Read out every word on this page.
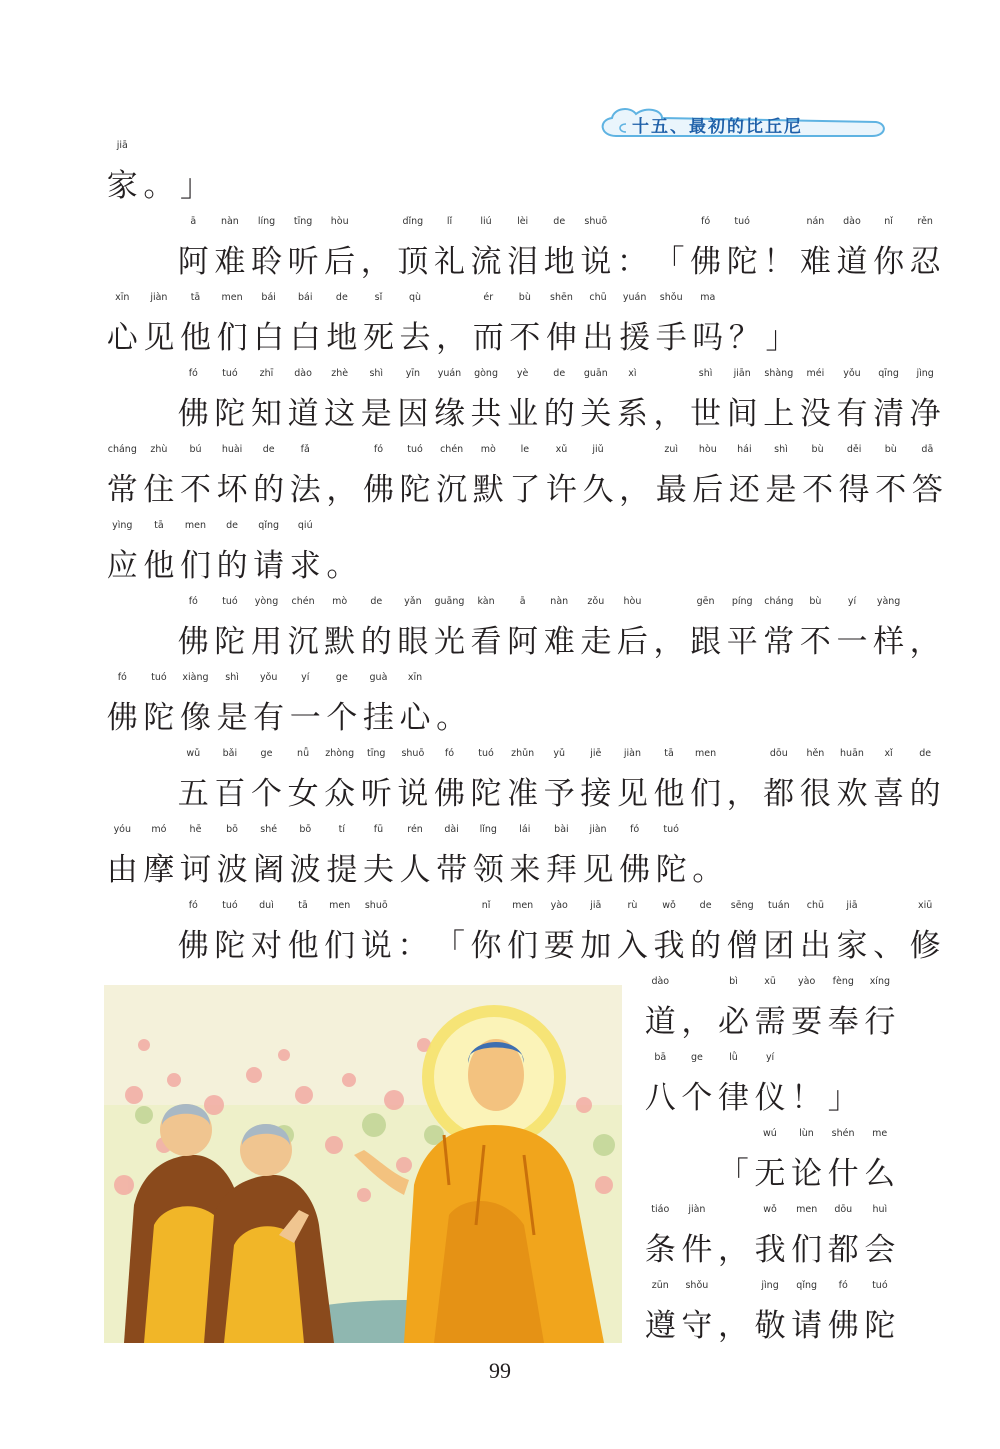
十五、最初的比丘尼
jiā
家 。 」
ā
阿
nàn
难
líng
聆
tīng
听
hòu
后 ，
dǐng
顶
lǐ
礼
liú
流
lèi
泪
de
地
shuō
说 ： 「
fó
佛
tuó
陀 ！
nán
难
dào
道
nǐ
你
rěn
忍
xīn
心
jiàn
见
tā
他
men
们
bái
白
bái
白
de
地
sǐ
死
qù
去 ，
ér
而
bù
不
shēn
伸
chū
出
yuán
援
shǒu
手
ma
吗 ？ 」
fó
佛
tuó
陀
zhī
知
dào
道
zhè
这
shì
是
yīn
因
yuán
缘
gòng
共
yè
业
de
的
guān
关
xì
系 ，
shì
世
jiān
间
shàng
上
méi
没
yǒu
有
qīng
清
jìng
净
cháng
常
zhù
住
bú
不
huài
坏
de
的
fǎ
法 ，
fó
佛
tuó
陀
chén
沉
mò
默
le
了
xǔ
许
jiǔ
久 ，
zuì
最
hòu
后
hái
还
shì
是
bù
不
děi
得
bù
不
dā
答
yìng
应
tā
他
men
们
de
的
qǐng
请
qiú
求 。
fó
佛
tuó
陀
yòng
用
chén
沉
mò
默
de
的
yǎn
眼
guāng
光
kàn
看
ā
阿
nàn
难
zǒu
走
hòu
后 ，
gēn
跟
píng
平
cháng
常
bù
不
yí
一
yàng
样 ，
fó
佛
tuó
陀
xiàng
像
shì
是
yǒu
有
yí
一
ge
个
guà
挂
xīn
心 。
wǔ
五
bǎi
百
ge
个
nǚ
女
zhòng
众
tīng
听
shuō
说
fó
佛
tuó
陀
zhǔn
准
yǔ
予
jiē
接
jiàn
见
tā
他
men
们 ，
dōu
都
hěn
很
huān
欢
xǐ
喜
de
的
yóu
由
mó
摩
hē
诃
bō
波
shé
阇
bō
波
tí
提
fū
夫
rén
人
dài
带
lǐng
领
lái
来
bài
拜
jiàn
见
fó
佛
tuó
陀 。
fó
佛
tuó
陀
duì
对
tā
他
men
们
shuō
说 ： 「
nǐ
你
men
们
yào
要
jiā
加
rù
入
wǒ
我
de
的
sēng
僧
tuán
团
chū
出
jiā
家 、
xiū
修
dào
道 ，
bì
必
xū
需
yào
要
fèng
奉
xíng
行
bā
八
ge
个
lǜ
律
yí
仪 ！ 」
「
wú
无
lùn
论
shén
什
me
么
tiáo
条
jiàn
件 ，
wǒ
我
men
们
dōu
都
huì
会
zūn
遵
shǒu
守 ，
jìng
敬
qǐng
请
fó
佛
tuó
陀
99
